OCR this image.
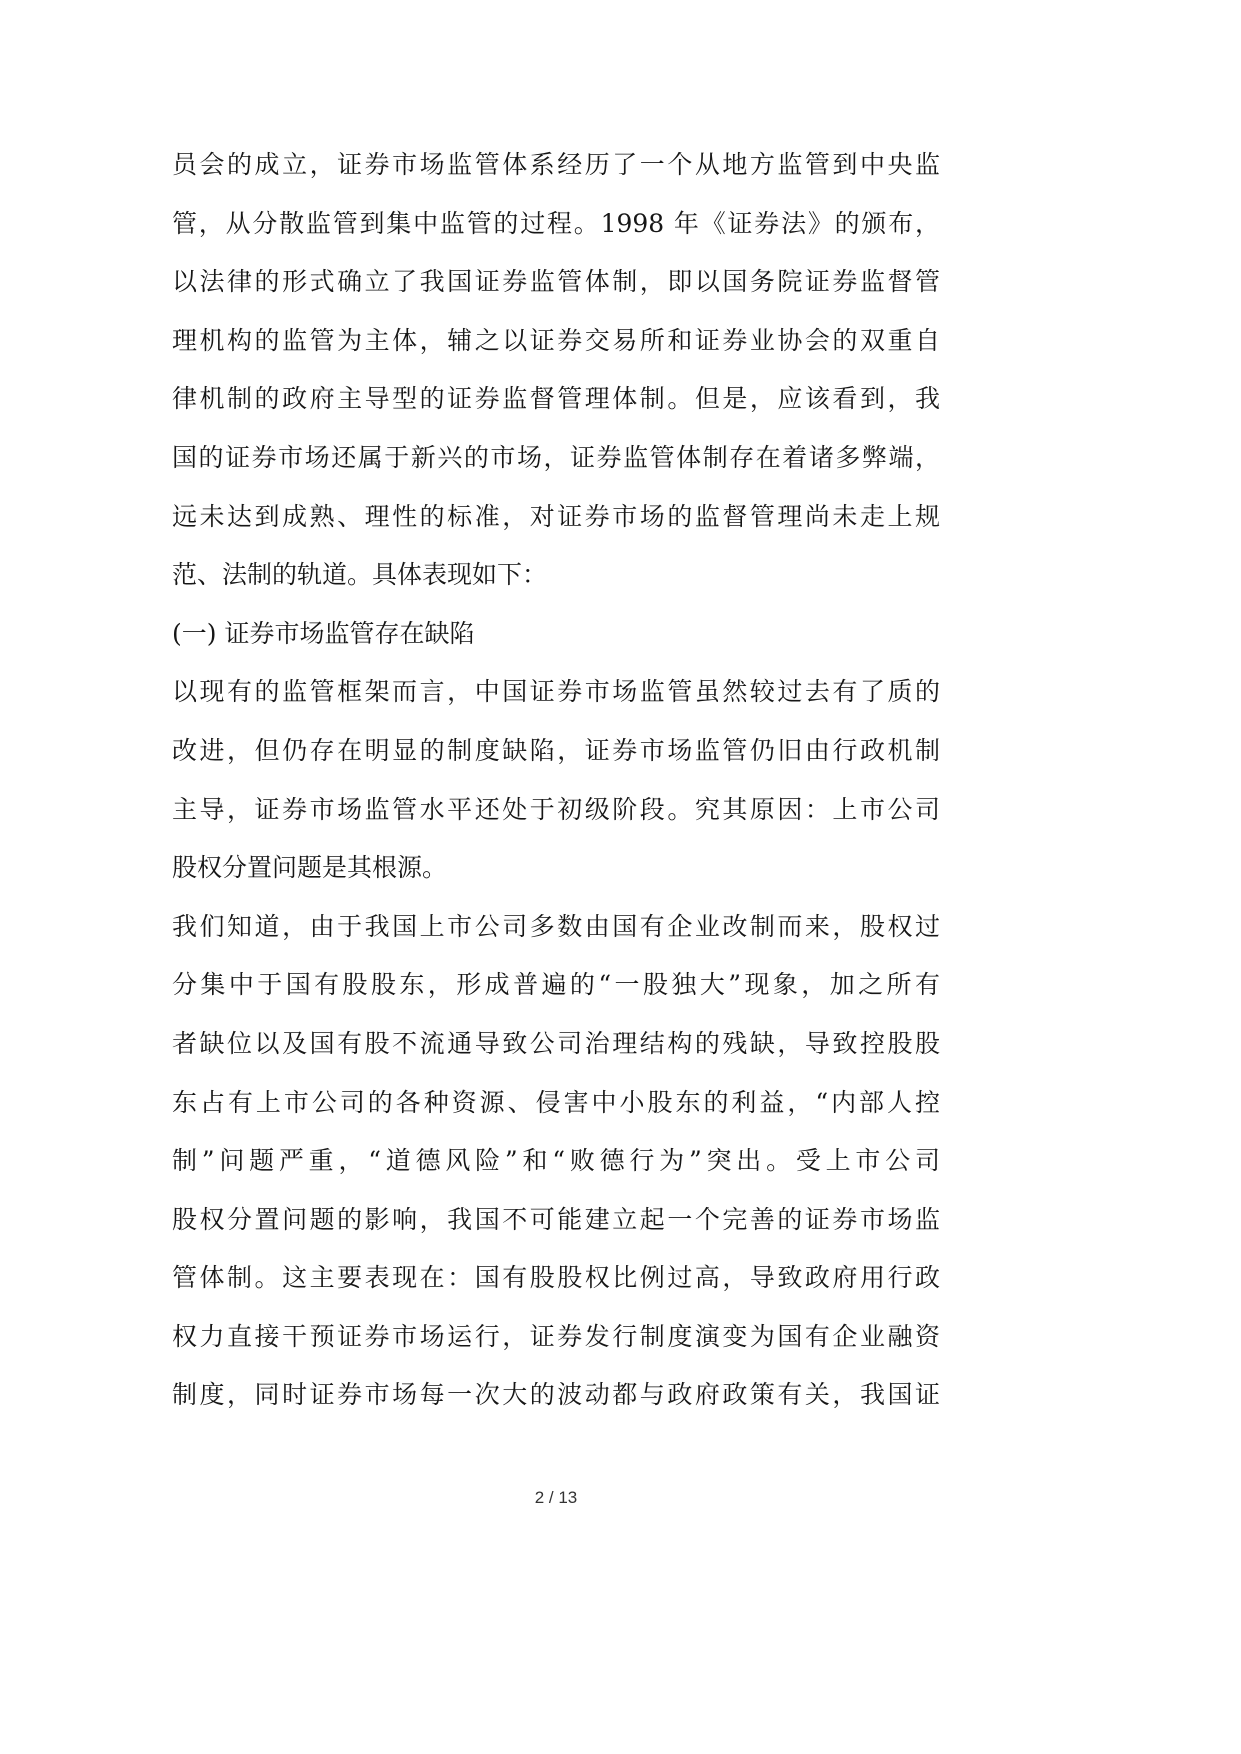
员会的成立，证券市场监管体系经历了一个从地方监管到中央监
管，从分散监管到集中监管的过程。1998 年《证券法》的颁布，
以法律的形式确立了我国证券监管体制，即以国务院证券监督管
理机构的监管为主体，辅之以证券交易所和证券业协会的双重自
律机制的政府主导型的证券监督管理体制。但是，应该看到，我
国的证券市场还属于新兴的市场，证券监管体制存在着诸多弊端，
远未达到成熟、理性的标准，对证券市场的监督管理尚未走上规
范、法制的轨道。具体表现如下：
(一) 证券市场监管存在缺陷
以现有的监管框架而言，中国证券市场监管虽然较过去有了质的
改进，但仍存在明显的制度缺陷，证券市场监管仍旧由行政机制
主导，证券市场监管水平还处于初级阶段。究其原因：上市公司
股权分置问题是其根源。
我们知道，由于我国上市公司多数由国有企业改制而来，股权过
分集中于国有股股东，形成普遍的“一股独大”现象，加之所有
者缺位以及国有股不流通导致公司治理结构的残缺，导致控股股
东占有上市公司的各种资源、侵害中小股东的利益，“内部人控
制”问题严重，“道德风险”和“败德行为”突出。受上市公司
股权分置问题的影响，我国不可能建立起一个完善的证券市场监
管体制。这主要表现在：国有股股权比例过高，导致政府用行政
权力直接干预证券市场运行，证券发行制度演变为国有企业融资
制度，同时证券市场每一次大的波动都与政府政策有关，我国证
2 / 13
